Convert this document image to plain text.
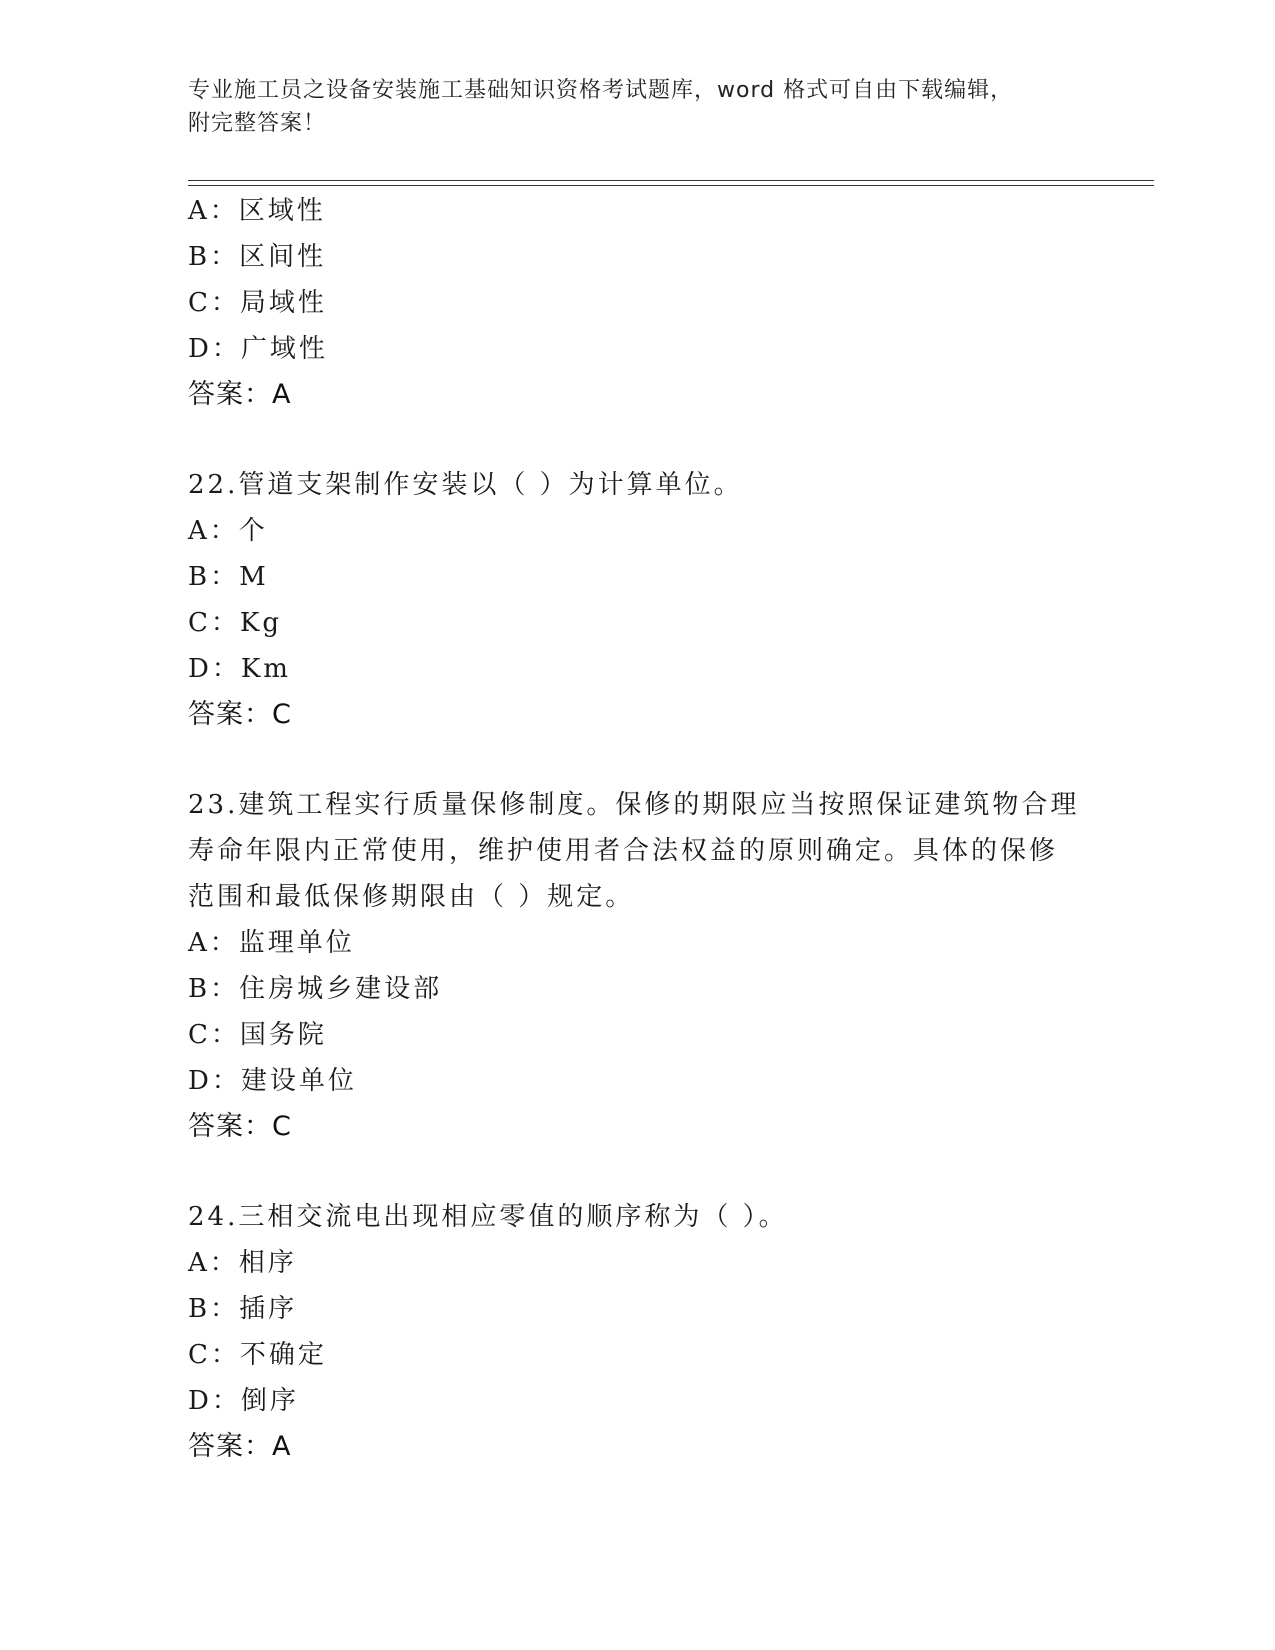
专业施工员之设备安装施工基础知识资格考试题库，word 格式可自由下载编辑，
附完整答案！
A：区域性
B：区间性
C：局域性
D：广域性
答案：A
22.管道支架制作安装以（ ）为计算单位。
A：个
B：M
C：Kg
D：Km
答案：C
23.建筑工程实行质量保修制度。保修的期限应当按照保证建筑物合理
寿命年限内正常使用，维护使用者合法权益的原则确定。具体的保修
范围和最低保修期限由（ ）规定。
A：监理单位
B：住房城乡建设部
C：国务院
D：建设单位
答案：C
24.三相交流电出现相应零值的顺序称为（ ）。
A：相序
B：插序
C：不确定
D：倒序
答案：A
